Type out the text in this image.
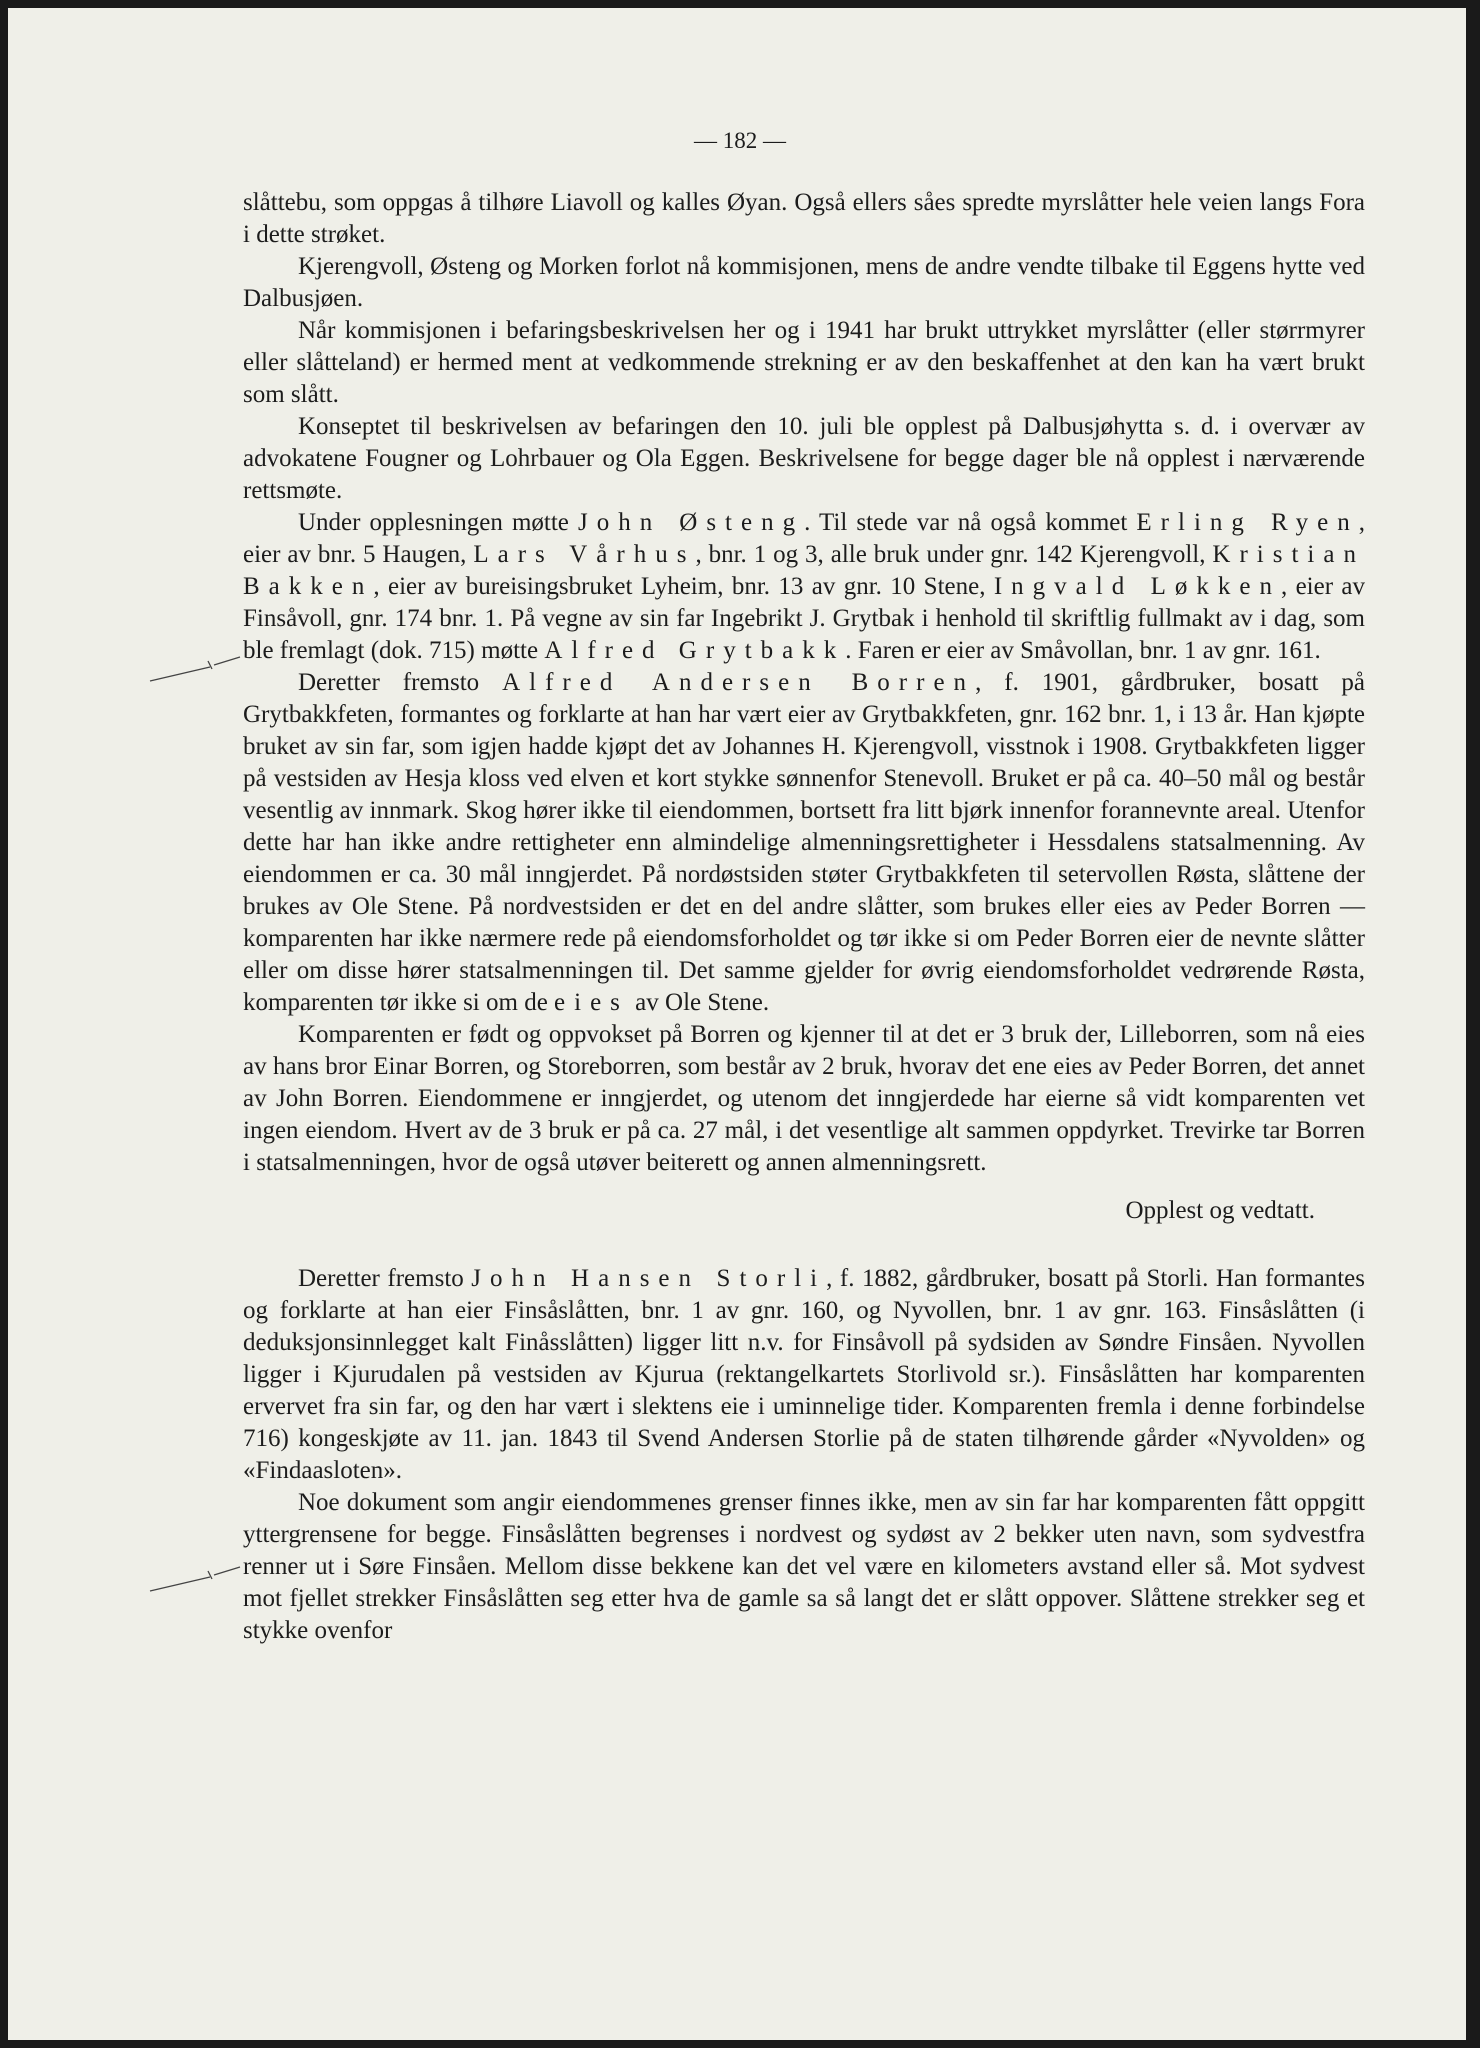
— 182 —

slåttebu, som oppgas å tilhøre Liavoll og kalles Øyan. Også ellers såes spredte myrslåtter hele veien langs Fora i dette strøket.

Kjerengvoll, Østeng og Morken forlot nå kommisjonen, mens de andre vendte tilbake til Eggens hytte ved Dalbusjøen.

Når kommisjonen i befaringsbeskrivelsen her og i 1941 har brukt uttrykket myrslåtter (eller størrmyrer eller slåtteland) er hermed ment at vedkommende strekning er av den beskaffenhet at den kan ha vært brukt som slått.

Konseptet til beskrivelsen av befaringen den 10. juli ble opplest på Dalbusjøhytta s. d. i overvær av advokatene Fougner og Lohrbauer og Ola Eggen. Beskrivelsene for begge dager ble nå opplest i nærværende rettsmøte.

Under opplesningen møtte John Østeng. Til stede var nå også kommet Erling Ryen, eier av bnr. 5 Haugen, Lars Vårhus, bnr. 1 og 3, alle bruk under gnr. 142 Kjerengvoll, Kristian Bakken, eier av bureisingsbruket Lyheim, bnr. 13 av gnr. 10 Stene, Ingvald Løkken, eier av Finsåvoll, gnr. 174 bnr. 1. På vegne av sin far Ingebrikt J. Grytbak i henhold til skriftlig fullmakt av i dag, som ble fremlagt (dok. 715) møtte Alfred Grytbakk. Faren er eier av Småvollan, bnr. 1 av gnr. 161.

Deretter fremsto Alfred Andersen Borren, f. 1901, gårdbruker, bosatt på Grytbakkfeten, formantes og forklarte at han har vært eier av Grytbakkfeten, gnr. 162 bnr. 1, i 13 år. Han kjøpte bruket av sin far, som igjen hadde kjøpt det av Johannes H. Kjerengvoll, visstnok i 1908. Grytbakkfeten ligger på vestsiden av Hesja kloss ved elven et kort stykke sønnenfor Stenevoll. Bruket er på ca. 40–50 mål og består vesentlig av innmark. Skog hører ikke til eiendommen, bortsett fra litt bjørk innenfor forannevnte areal. Utenfor dette har han ikke andre rettigheter enn almindelige almenningsrettigheter i Hessdalens statsalmenning. Av eiendommen er ca. 30 mål inngjerdet. På nordøstsiden støter Grytbakkfeten til setervollen Røsta, slåttene der brukes av Ole Stene. På nordvestsiden er det en del andre slåtter, som brukes eller eies av Peder Borren — komparenten har ikke nærmere rede på eiendomsforholdet og tør ikke si om Peder Borren eier de nevnte slåtter eller om disse hører statsalmenningen til. Det samme gjelder for øvrig eiendomsforholdet vedrørende Røsta, komparenten tør ikke si om de eies av Ole Stene.

Komparenten er født og oppvokset på Borren og kjenner til at det er 3 bruk der, Lilleborren, som nå eies av hans bror Einar Borren, og Storeborren, som består av 2 bruk, hvorav det ene eies av Peder Borren, det annet av John Borren. Eiendommene er inngjerdet, og utenom det inngjerdede har eierne så vidt komparenten vet ingen eiendom. Hvert av de 3 bruk er på ca. 27 mål, i det vesentlige alt sammen oppdyrket. Trevirke tar Borren i statsalmenningen, hvor de også utøver beiterett og annen almenningsrett.

Opplest og vedtatt.

Deretter fremsto John Hansen Storli, f. 1882, gårdbruker, bosatt på Storli. Han formantes og forklarte at han eier Finsåslåtten, bnr. 1 av gnr. 160, og Nyvollen, bnr. 1 av gnr. 163. Finsåslåtten (i deduksjonsinnlegget kalt Finåsslåtten) ligger litt n.v. for Finsåvoll på sydsiden av Søndre Finsåen. Nyvollen ligger i Kjurudalen på vestsiden av Kjurua (rektangelkartets Storlivold sr.). Finsåslåtten har komparenten ervervet fra sin far, og den har vært i slektens eie i uminnelige tider. Komparenten fremla i denne forbindelse 716) kongeskjøte av 11. jan. 1843 til Svend Andersen Storlie på de staten tilhørende gårder «Nyvolden» og «Findaasloten».

Noe dokument som angir eiendommenes grenser finnes ikke, men av sin far har komparenten fått oppgitt yttergrensene for begge. Finsåslåtten begrenses i nordvest og sydøst av 2 bekker uten navn, som sydvestfra renner ut i Søre Finsåen. Mellom disse bekkene kan det vel være en kilometers avstand eller så. Mot sydvest mot fjellet strekker Finsåslåtten seg etter hva de gamle sa så langt det er slått oppover. Slåttene strekker seg et stykke ovenfor
